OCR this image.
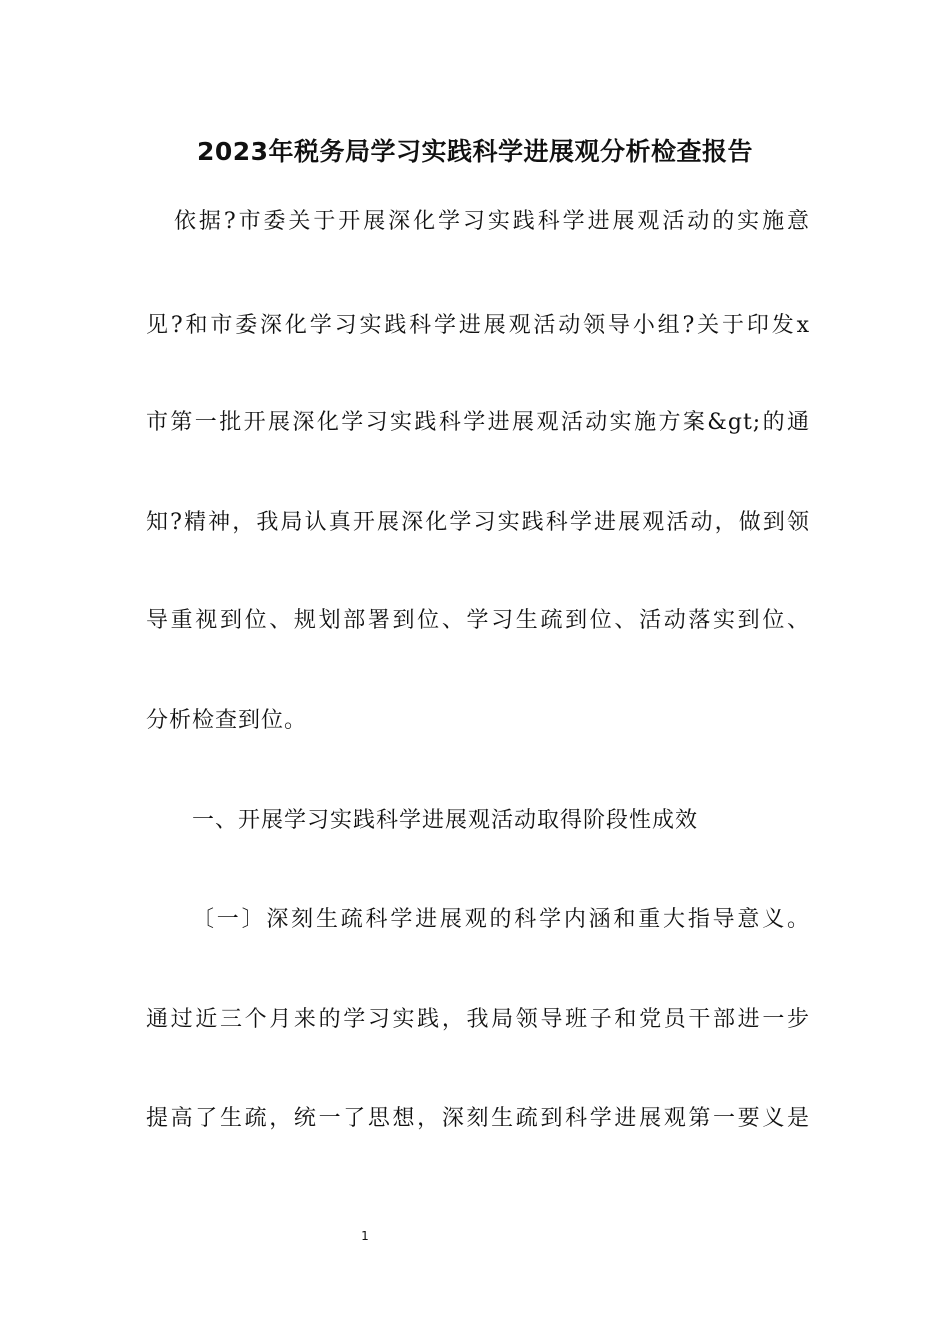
2023年税务局学习实践科学进展观分析检查报告
依据?市委关于开展深化学习实践科学进展观活动的实施意
见?和市委深化学习实践科学进展观活动领导小组?关于印发x
市第一批开展深化学习实践科学进展观活动实施方案&gt;的通
知?精神，我局认真开展深化学习实践科学进展观活动，做到领
导重视到位、规划部署到位、学习生疏到位、活动落实到位、
分析检查到位。
一、开展学习实践科学进展观活动取得阶段性成效
〔一〕深刻生疏科学进展观的科学内涵和重大指导意义。
通过近三个月来的学习实践，我局领导班子和党员干部进一步
提高了生疏，统一了思想，深刻生疏到科学进展观第一要义是
1
